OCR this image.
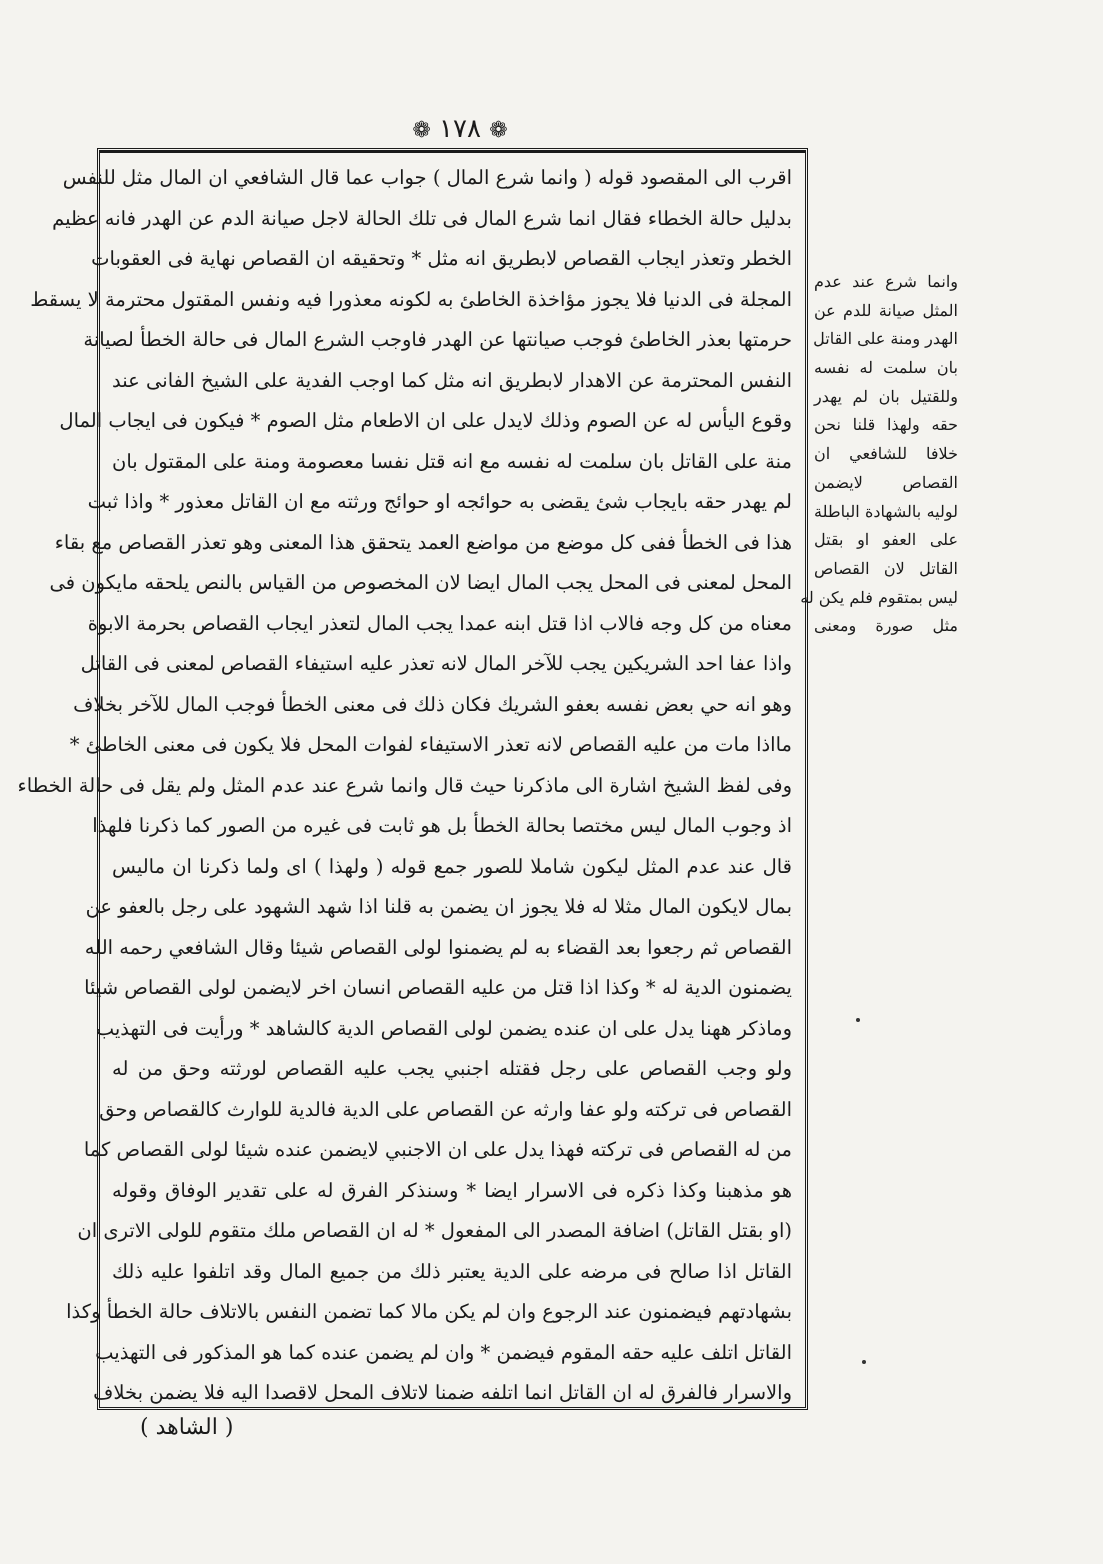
❁ ١٧٨ ❁
اقرب الى المقصود قوله ( وانما شرع المال ) جواب عما قال الشافعي ان المال مثل للنفس
بدليل حالة الخطاء فقال انما شرع المال فى تلك الحالة لاجل صيانة الدم عن الهدر فانه عظيم
الخطر وتعذر ايجاب القصاص لابطريق انه مثل * وتحقيقه ان القصاص نهاية فى العقوبات
المجلة فى الدنيا فلا يجوز مؤاخذة الخاطئ به لكونه معذورا فيه ونفس المقتول محترمة لا يسقط
حرمتها بعذر الخاطئ فوجب صيانتها عن الهدر فاوجب الشرع المال فى حالة الخطأ لصيانة
النفس المحترمة عن الاهدار لابطريق انه مثل كما اوجب الفدية على الشيخ الفانى عند
وقوع اليأس له عن الصوم وذلك لايدل على ان الاطعام مثل الصوم * فيكون فى ايجاب المال
منة على القاتل بان سلمت له نفسه مع انه قتل نفسا معصومة ومنة على المقتول بان
لم يهدر حقه بايجاب شئ يقضى به حوائجه او حوائج ورثته مع ان القاتل معذور * واذا ثبت
هذا فى الخطأ ففى كل موضع من مواضع العمد يتحقق هذا المعنى وهو تعذر القصاص مع بقاء
المحل لمعنى فى المحل يجب المال ايضا لان المخصوص من القياس بالنص يلحقه مايكون فى
معناه من كل وجه فالاب اذا قتل ابنه عمدا يجب المال لتعذر ايجاب القصاص بحرمة الابوة
واذا عفا احد الشريكين يجب للآخر المال لانه تعذر عليه استيفاء القصاص لمعنى فى القاتل
وهو انه حي بعض نفسه بعفو الشريك فكان ذلك فى معنى الخطأ فوجب المال للآخر بخلاف
مااذا مات من عليه القصاص لانه تعذر الاستيفاء لفوات المحل فلا يكون فى معنى الخاطئ *
وفى لفظ الشيخ اشارة الى ماذكرنا حيث قال وانما شرع عند عدم المثل ولم يقل فى حالة الخطاء
اذ وجوب المال ليس مختصا بحالة الخطأ بل هو ثابت فى غيره من الصور كما ذكرنا فلهذا
قال عند عدم المثل ليكون شاملا للصور جمع قوله ( ولهذا ) اى ولما ذكرنا ان ماليس
بمال لايكون المال مثلا له فلا يجوز ان يضمن به قلنا اذا شهد الشهود على رجل بالعفو عن
القصاص ثم رجعوا بعد القضاء به لم يضمنوا لولى القصاص شيئا وقال الشافعي رحمه الله
يضمنون الدية له * وكذا اذا قتل من عليه القصاص انسان اخر لايضمن لولى القصاص شيئا
وماذكر ههنا يدل على ان عنده يضمن لولى القصاص الدية كالشاهد * ورأيت فى التهذيب
ولو وجب القصاص على رجل فقتله اجنبي يجب عليه القصاص لورثته وحق من له
القصاص فى تركته ولو عفا وارثه عن القصاص على الدية فالدية للوارث كالقصاص وحق
من له القصاص فى تركته فهذا يدل على ان الاجنبي لايضمن عنده شيئا لولى القصاص كما
هو مذهبنا وكذا ذكره فى الاسرار ايضا * وسنذكر الفرق له على تقدير الوفاق وقوله
(او بقتل القاتل) اضافة المصدر الى المفعول * له ان القصاص ملك متقوم للولى الاترى ان
القاتل اذا صالح فى مرضه على الدية يعتبر ذلك من جميع المال وقد اتلفوا عليه ذلك
بشهادتهم فيضمنون عند الرجوع وان لم يكن مالا كما تضمن النفس بالاتلاف حالة الخطأ وكذا
القاتل اتلف عليه حقه المقوم فيضمن * وان لم يضمن عنده كما هو المذكور فى التهذيب
والاسرار فالفرق له ان القاتل انما اتلفه ضمنا لاتلاف المحل لاقصدا اليه فلا يضمن بخلاف
وانما شرع عند عدم
المثل صيانة للدم عن
الهدر ومنة على القاتل
بان سلمت له نفسه
وللقتيل بان لم يهدر
حقه ولهذا قلنا نحن
خلافا للشافعي ان
القصاص لايضمن
لوليه بالشهادة الباطلة
على العفو او بقتل
القاتل لان القصاص
ليس بمتقوم فلم يكن له
مثل صورة ومعنى
( الشاهد )
